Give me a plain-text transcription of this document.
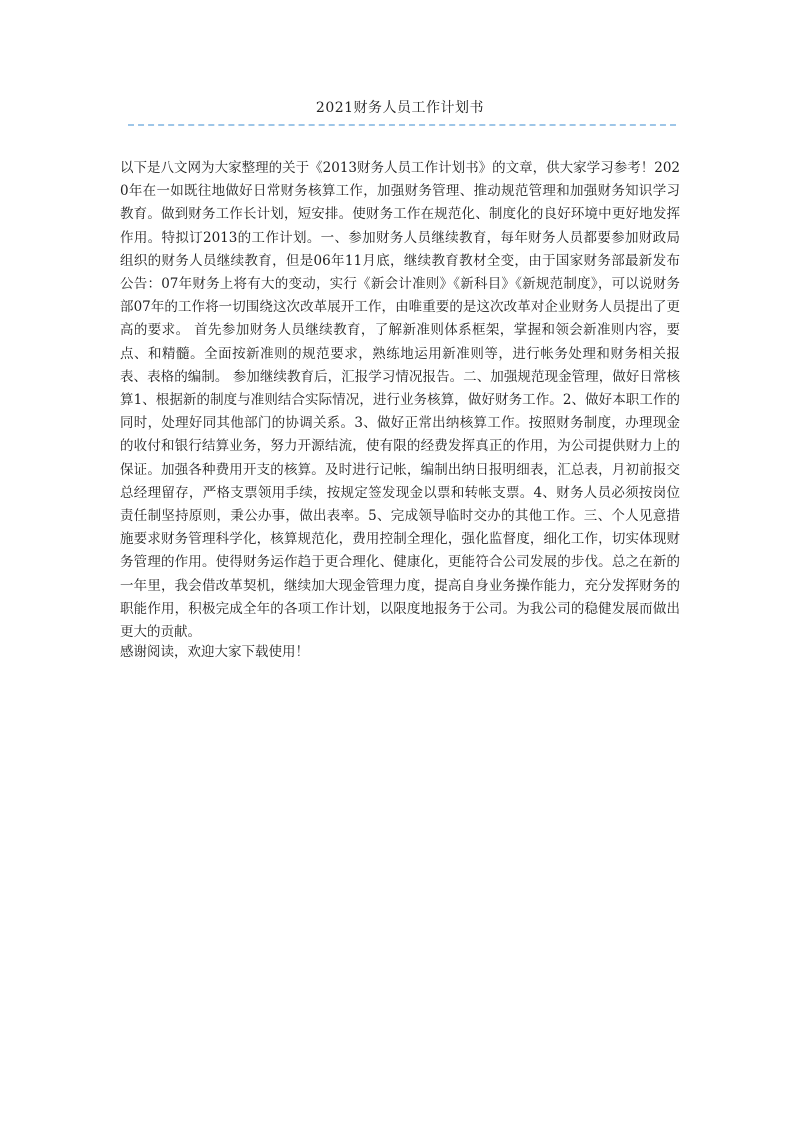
2021财务人员工作计划书

以下是八文网为大家整理的关于《2013财务人员工作计划书》的文章，供大家学习参考！2020年在一如既往地做好日常财务核算工作，加强财务管理、推动规范管理和加强财务知识学习教育。做到财务工作长计划，短安排。使财务工作在规范化、制度化的良好环境中更好地发挥作用。特拟订2013的工作计划。一、参加财务人员继续教育，每年财务人员都要参加财政局组织的财务人员继续教育，但是06年11月底，继续教育教材全变，由于国家财务部最新发布公告：07年财务上将有大的变动，实行《新会计准则》《新科目》《新规范制度》，可以说财务部07年的工作将一切围绕这次改革展开工作，由唯重要的是这次改革对企业财务人员提出了更高的要求。 首先参加财务人员继续教育，了解新准则体系框架，掌握和领会新准则内容，要点、和精髓。全面按新准则的规范要求，熟练地运用新准则等，进行帐务处理和财务相关报表、表格的编制。 参加继续教育后，汇报学习情况报告。二、加强规范现金管理，做好日常核算1、根据新的制度与准则结合实际情况，进行业务核算，做好财务工作。2、做好本职工作的同时，处理好同其他部门的协调关系。3、做好正常出纳核算工作。按照财务制度，办理现金的收付和银行结算业务，努力开源结流，使有限的经费发挥真正的作用，为公司提供财力上的保证。加强各种费用开支的核算。及时进行记帐，编制出纳日报明细表，汇总表，月初前报交总经理留存，严格支票领用手续，按规定签发现金以票和转帐支票。4、财务人员必须按岗位责任制坚持原则，秉公办事，做出表率。5、完成领导临时交办的其他工作。三、个人见意措施要求财务管理科学化，核算规范化，费用控制全理化，强化监督度，细化工作，切实体现财务管理的作用。使得财务运作趋于更合理化、健康化，更能符合公司发展的步伐。总之在新的一年里，我会借改革契机，继续加大现金管理力度，提高自身业务操作能力，充分发挥财务的职能作用，积极完成全年的各项工作计划，以限度地报务于公司。为我公司的稳健发展而做出更大的贡献。

感谢阅读，欢迎大家下载使用！
